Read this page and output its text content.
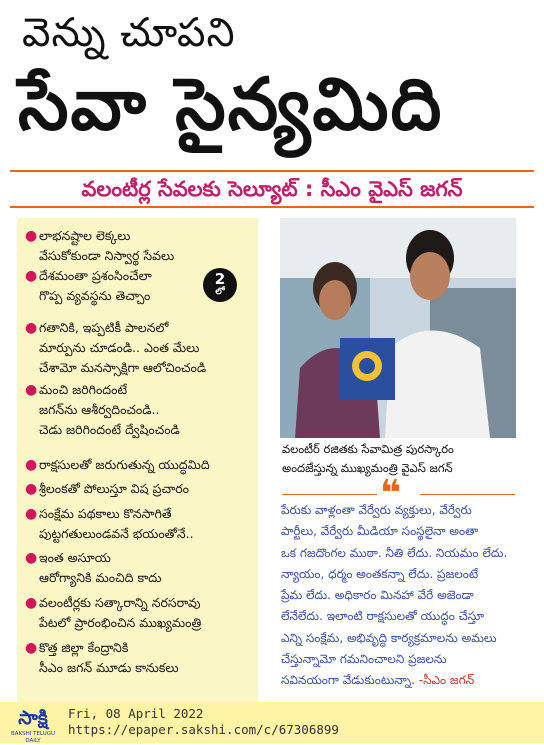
వెన్ను చూపని
సేవా సైన్యమిది
వలంటీర్ల సేవలకు సెల్యూట్ : సీఎం వైఎస్ జగన్
● లాభనష్టాల లెక్కలు
వేసుకోకుండా నిస్వార్థ సేవలు
● దేశమంతా ప్రశంసించేలా
గొప్ప వ్యవస్థను తెచ్చాం
● గతానికి, ఇప్పటికీ పాలనలో
మార్పును చూడండి.. ఎంత మేలు
చేశామో మనస్సాక్షిగా ఆలోచించండి
● మంచి జరిగిందంటే
జగన్‌ను ఆశీర్వదించండి..
చెడు జరిగిందంటే ద్వేషించండి
● రాక్షసులతో జరుగుతున్న యుద్ధమిది
● శ్రీలంకతో పోలుస్తూ విష ప్రచారం
● సంక్షేమ పథకాలు కొనసాగితే
పుట్టగతులుండవనే భయంతోనే..
● ఇంత అసూయ
ఆరోగ్యానికి మంచిది కాదు
● వలంటీర్లకు సత్కారాన్ని నరసరావు
పేటలో ప్రారంభించిన ముఖ్యమంత్రి
● కొత్త జిల్లా కేంద్రానికి
సీఎం జగన్ మూడు కానుకలు
2
లో
వలంటీర్ రజితకు సేవామిత్ర పురస్కారం
అందజేస్తున్న ముఖ్యమంత్రి వైఎస్ జగన్
❝
పేరుకు వాళ్లంతా వేర్వేరు వ్యక్తులు, వేర్వేరు
పార్టీలు, వేర్వేరు మీడియా సంస్థలైనా అంతా
ఒక గజదొంగల ముఠా. నీతి లేదు. నియమం లేదు.
న్యాయం, ధర్మం అంతకన్నా లేదు. ప్రజలంటే
ప్రేమ లేదు. అధికారం మినహా వేరే అజెండా
లేనేలేదు. ఇలాంటి రాక్షసులతో యుద్ధం చేస్తూ
ఎన్ని సంక్షేమ, అభివృద్ధి కార్యక్రమాలను అమలు
చేస్తున్నామో గమనించాలని ప్రజలను
సవినయంగా వేడుకుంటున్నా. -సీఎం జగన్
సాక్షి
BAKSHI TELUGU DAILY
Fri, 08 April 2022
https://epaper.sakshi.com/c/67306899
